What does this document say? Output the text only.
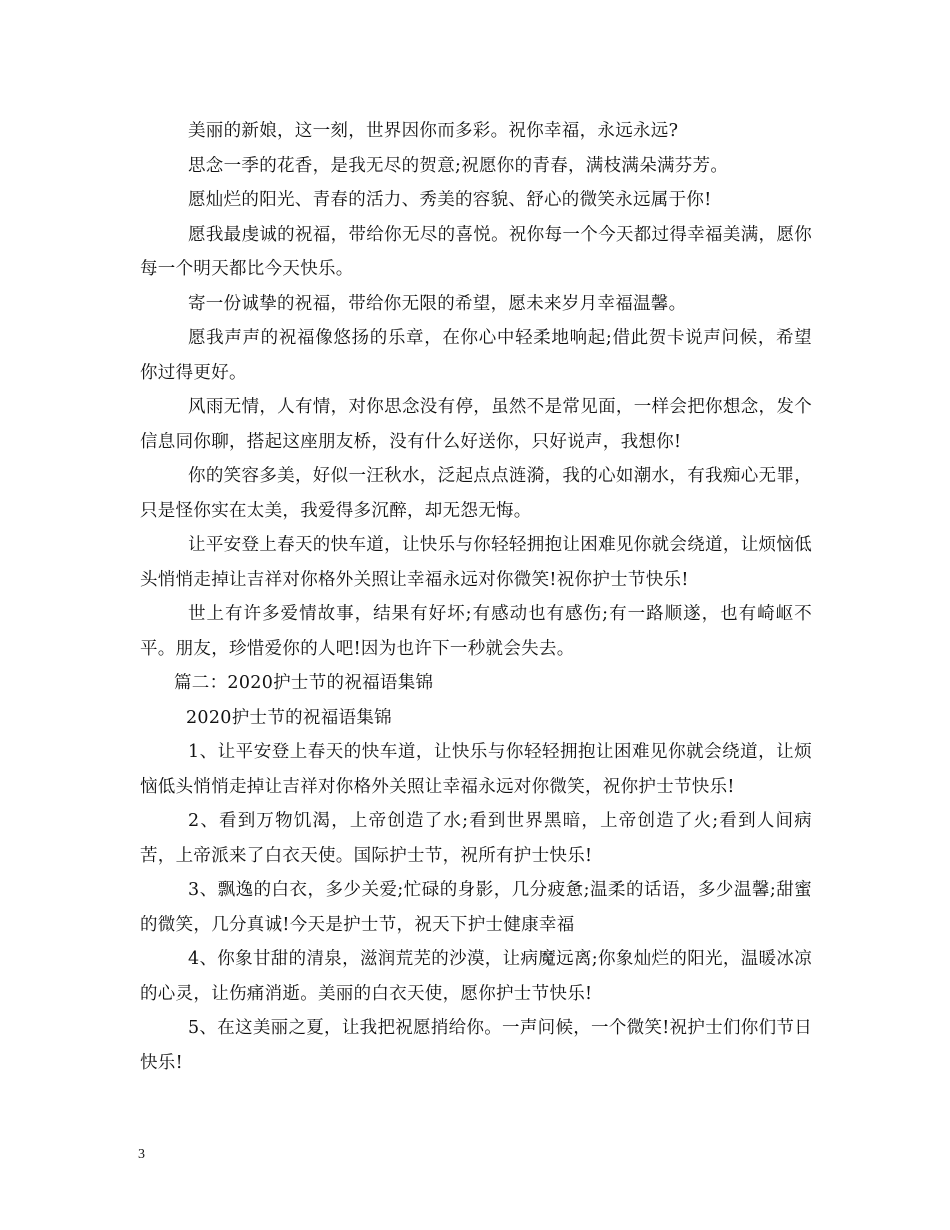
美丽的新娘，这一刻，世界因你而多彩。祝你幸福，永远永远?

思念一季的花香，是我无尽的贺意;祝愿你的青春，满枝满朵满芬芳。

愿灿烂的阳光、青春的活力、秀美的容貌、舒心的微笑永远属于你!

愿我最虔诚的祝福，带给你无尽的喜悦。祝你每一个今天都过得幸福美满，愿你每一个明天都比今天快乐。

寄一份诚挚的祝福，带给你无限的希望，愿未来岁月幸福温馨。

愿我声声的祝福像悠扬的乐章，在你心中轻柔地响起;借此贺卡说声问候，希望你过得更好。

风雨无情，人有情，对你思念没有停，虽然不是常见面，一样会把你想念，发个信息同你聊，搭起这座朋友桥，没有什么好送你，只好说声，我想你!

你的笑容多美，好似一汪秋水，泛起点点涟漪，我的心如潮水，有我痴心无罪，只是怪你实在太美，我爱得多沉醉，却无怨无悔。

让平安登上春天的快车道，让快乐与你轻轻拥抱让困难见你就会绕道，让烦恼低头悄悄走掉让吉祥对你格外关照让幸福永远对你微笑!祝你护士节快乐!

世上有许多爱情故事，结果有好坏;有感动也有感伤;有一路顺遂，也有崎岖不平。朋友，珍惜爱你的人吧!因为也许下一秒就会失去。

篇二：2020护士节的祝福语集锦

2020护士节的祝福语集锦

1、让平安登上春天的快车道，让快乐与你轻轻拥抱让困难见你就会绕道，让烦恼低头悄悄走掉让吉祥对你格外关照让幸福永远对你微笑，祝你护士节快乐!

2、看到万物饥渴，上帝创造了水;看到世界黑暗，上帝创造了火;看到人间病苦，上帝派来了白衣天使。国际护士节，祝所有护士快乐!

3、飘逸的白衣，多少关爱;忙碌的身影，几分疲惫;温柔的话语，多少温馨;甜蜜的微笑，几分真诚!今天是护士节，祝天下护士健康幸福

4、你象甘甜的清泉，滋润荒芜的沙漠，让病魔远离;你象灿烂的阳光，温暖冰凉的心灵，让伤痛消逝。美丽的白衣天使，愿你护士节快乐!

5、在这美丽之夏，让我把祝愿捎给你。一声问候，一个微笑!祝护士们你们节日快乐!

3
